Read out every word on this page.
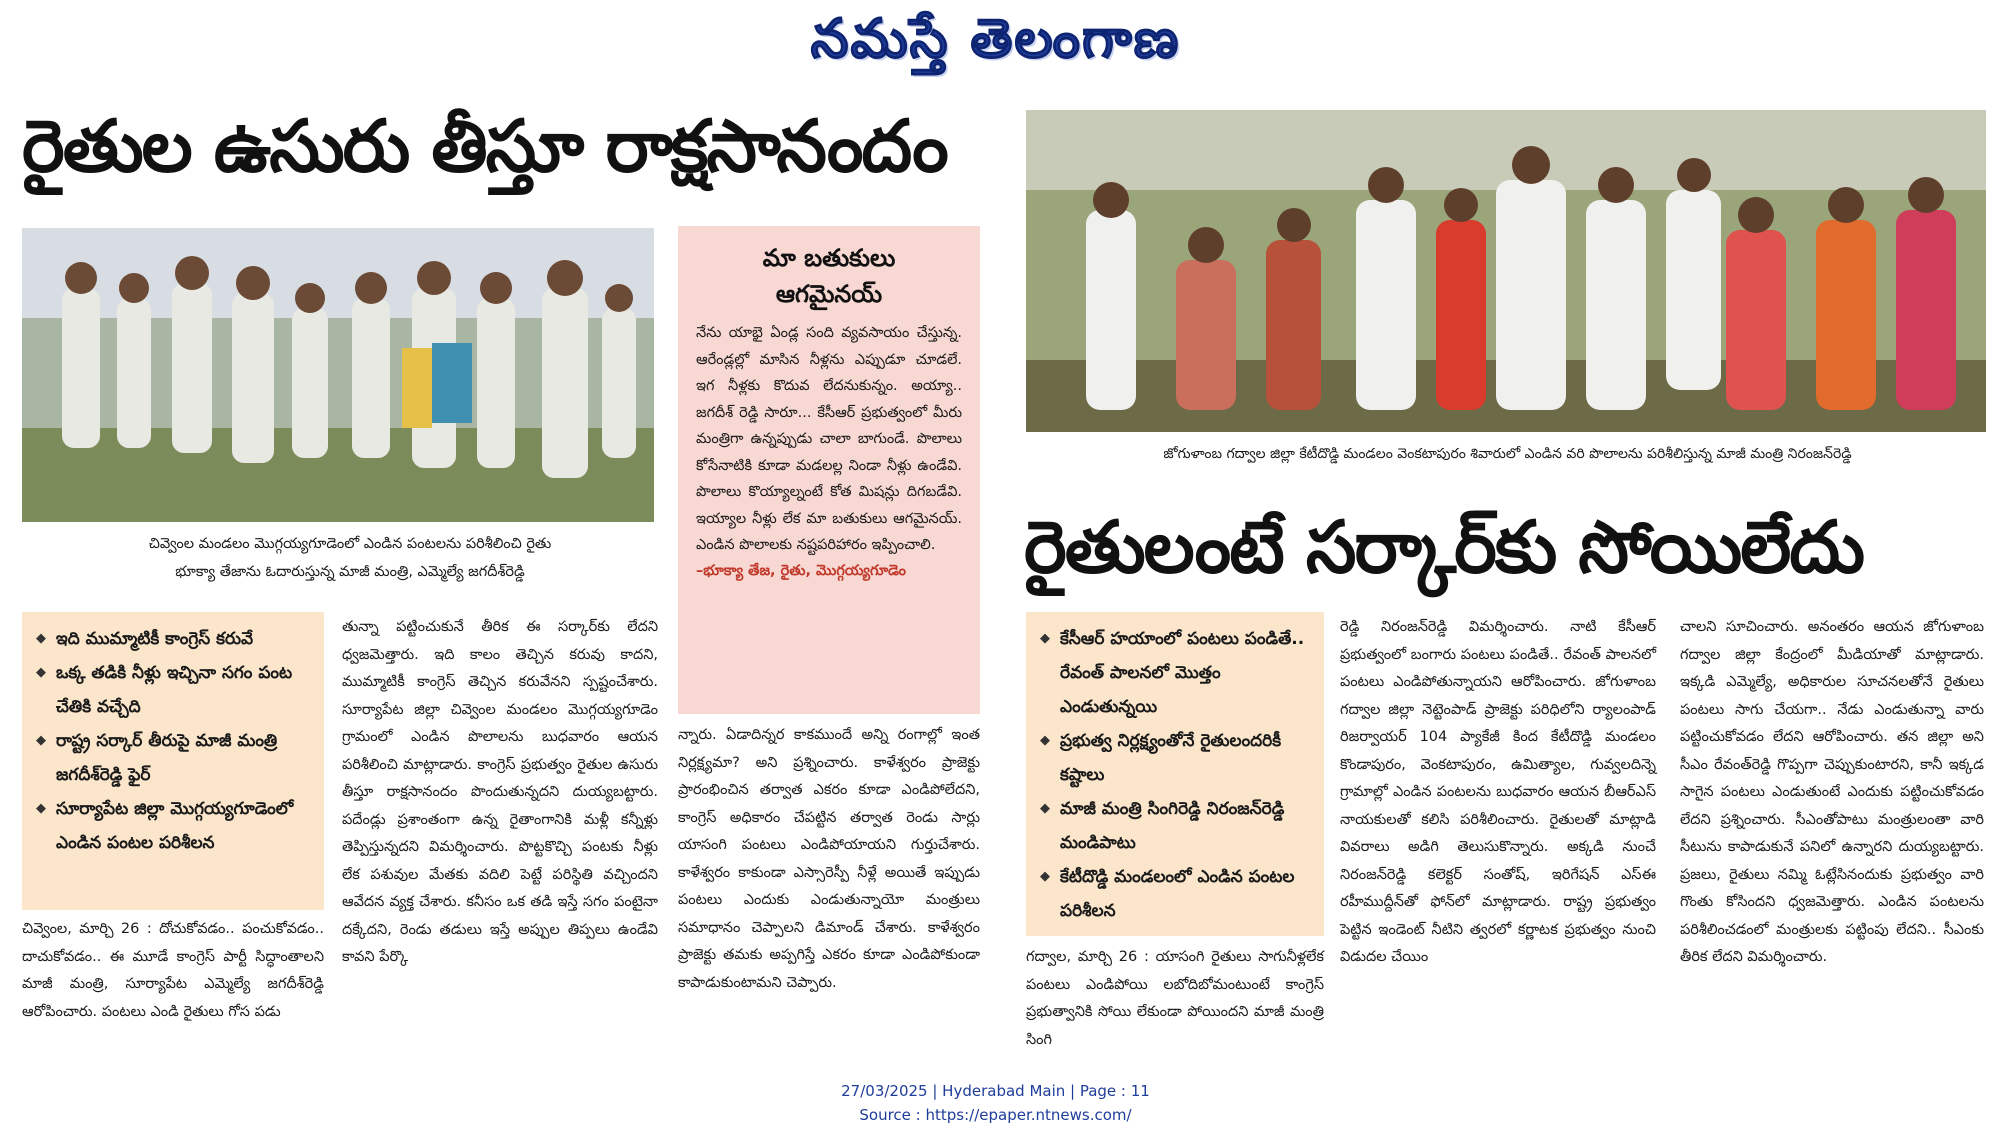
నమస్తే తెలంగాణ
రైతుల ఉసురు తీస్తూ రాక్షసానందం
చివ్వెంల మండలం మొగ్గయ్యగూడెంలో ఎండిన పంటలను పరిశీలించి రైతు
భూక్యా తేజాను ఓదారుస్తున్న మాజీ మంత్రి, ఎమ్మెల్యే జగదీశ్‌రెడ్డి
మా బతుకులు
ఆగమైనయ్
నేను యాభై ఏండ్ల సంది వ్యవసాయం చేస్తున్న. ఆరేండ్లల్లో మాసిన నీళ్లను ఎప్పుడూ చూడలే. ఇగ నీళ్లకు కొదువ లేదనుకున్నం. అయ్యా.. జగదీశ్ రెడ్డి సారూ... కేసీఆర్ ప్రభుత్వంలో మీరు మంత్రిగా ఉన్నప్పుడు చాలా బాగుండే. పొలాలు కోసేనాటికి కూడా మడలల్ల నిండా నీళ్లు ఉండేవి. పొలాలు కొయ్యాల్నంటే కోత మిషన్లు దిగబడేవి. ఇయ్యాల నీళ్లు లేక మా బతుకులు ఆగమైనయ్. ఎండిన పొలాలకు నష్టపరిహారం ఇప్పించాలి.
–భూక్యా తేజ, రైతు, మొగ్గయ్యగూడెం
◆ ఇది ముమ్మాటికీ కాంగ్రెస్ కరువే
◆ ఒక్క తడికి నీళ్లు ఇచ్చినా సగం పంట చేతికి వచ్చేది
◆ రాష్ట్ర సర్కార్ తీరుపై మాజీ మంత్రి జగదీశ్‌రెడ్డి ఫైర్
◆ సూర్యాపేట జిల్లా మొగ్గయ్యగూడెంలో ఎండిన పంటల పరిశీలన
చివ్వెంల, మార్చి 26 : దోచుకోవడం.. పంచుకోవడం.. దాచుకోవడం.. ఈ మూడే కాంగ్రెస్ పార్టీ సిద్ధాంతాలని మాజీ మంత్రి, సూర్యాపేట ఎమ్మెల్యే జగదీశ్‌రెడ్డి ఆరోపించారు. పంటలు ఎండి రైతులు గోస పడు
తున్నా పట్టించుకునే తీరిక ఈ సర్కార్‌కు లేదని ధ్వజమెత్తారు. ఇది కాలం తెచ్చిన కరువు కాదని, ముమ్మాటికీ కాంగ్రెస్ తెచ్చిన కరువేనని స్పష్టంచేశారు. సూర్యాపేట జిల్లా చివ్వెంల మండలం మొగ్గయ్యగూడెం గ్రామంలో ఎండిన పొలాలను బుధవారం ఆయన పరిశీలించి మాట్లాడారు. కాంగ్రెస్ ప్రభుత్వం రైతుల ఉసురు తీస్తూ రాక్షసానందం పొందుతున్నదని దుయ్యబట్టారు. పదేండ్లు ప్రశాంతంగా ఉన్న రైతాంగానికి మళ్లీ కన్నీళ్లు తెప్పిస్తున్నదని విమర్శించారు. పొట్టకొచ్చి పంటకు నీళ్లు లేక పశువుల మేతకు వదిలి పెట్టే పరిస్థితి వచ్చిందని ఆవేదన వ్యక్త చేశారు. కనీసం ఒక తడి ఇస్తే సగం పంటైనా దక్కేదని, రెండు తడులు ఇస్తే అప్పుల తిప్పలు ఉండేవి కావని పేర్కొ
న్నారు. ఏడాదిన్నర కాకముందే అన్ని రంగాల్లో ఇంత నిర్లక్ష్యమా? అని ప్రశ్నించారు. కాళేశ్వరం ప్రాజెక్టు ప్రారంభించిన తర్వాత ఎకరం కూడా ఎండిపోలేదని, కాంగ్రెస్ అధికారం చేపట్టిన తర్వాత రెండు సార్లు యాసంగి పంటలు ఎండిపోయాయని గుర్తుచేశారు. కాళేశ్వరం కాకుండా ఎస్సారెస్పీ నీళ్లే అయితే ఇప్పుడు పంటలు ఎందుకు ఎండుతున్నాయో మంత్రులు సమాధానం చెప్పాలని డిమాండ్ చేశారు. కాళేశ్వరం ప్రాజెక్టు తమకు అప్పగిస్తే ఎకరం కూడా ఎండిపోకుండా కాపాడుకుంటామని చెప్పారు.
జోగుళాంబ గద్వాల జిల్లా కేటీదొడ్డి మండలం వెంకటాపురం శివారులో ఎండిన వరి పొలాలను పరిశీలిస్తున్న మాజీ మంత్రి నిరంజన్‌రెడ్డి
రైతులంటే సర్కార్‌కు సోయిలేదు
◆ కేసీఆర్ హయాంలో పంటలు పండితే.. రేవంత్ పాలనలో మొత్తం ఎండుతున్నయి
◆ ప్రభుత్వ నిర్లక్ష్యంతోనే రైతులందరికీ కష్టాలు
◆ మాజీ మంత్రి సింగిరెడ్డి నిరంజన్‌రెడ్డి మండిపాటు
◆ కేటీదొడ్డి మండలంలో ఎండిన పంటల పరిశీలన
గద్వాల, మార్చి 26 : యాసంగి రైతులు సాగునీళ్లలేక పంటలు ఎండిపోయి లబోదిబోమంటుంటే కాంగ్రెస్ ప్రభుత్వానికి సోయి లేకుండా పోయిందని మాజీ మంత్రి సింగి
రెడ్డి నిరంజన్‌రెడ్డి విమర్శించారు. నాటి కేసీఆర్ ప్రభుత్వంలో బంగారు పంటలు పండితే.. రేవంత్ పాలనలో పంటలు ఎండిపోతున్నాయని ఆరోపించారు. జోగుళాంబ గద్వాల జిల్లా నెట్టెంపాడ్ ప్రాజెక్టు పరిధిలోని ర్యాలంపాడ్ రిజర్వాయర్ 104 ప్యాకేజీ కింద కేటీదొడ్డి మండలం కొండాపురం, వెంకటాపురం, ఉమిత్యాల, గువ్వలదిన్నె గ్రామాల్లో ఎండిన పంటలను బుధవారం ఆయన బీఆర్‌ఎస్ నాయకులతో కలిసి పరిశీలించారు. రైతులతో మాట్లాడి వివరాలు అడిగి తెలుసుకొన్నారు. అక్కడి నుంచే నిరంజన్‌రెడ్డి కలెక్టర్ సంతోష్, ఇరిగేషన్ ఎస్‌ఈ రహీముద్దీన్‌తో ఫోన్‌లో మాట్లాడారు. రాష్ట్ర ప్రభుత్వం పెట్టిన ఇండెంట్ నీటిని త్వరలో కర్ణాటక ప్రభుత్వం నుంచి విడుదల చేయిం
చాలని సూచించారు. అనంతరం ఆయన జోగుళాంబ గద్వాల జిల్లా కేంద్రంలో మీడియాతో మాట్లాడారు. ఇక్కడి ఎమ్మెల్యే, అధికారుల సూచనలతోనే రైతులు పంటలు సాగు చేయగా.. నేడు ఎండుతున్నా వారు పట్టించుకోవడం లేదని ఆరోపించారు. తన జిల్లా అని సీఎం రేవంత్‌రెడ్డి గొప్పగా చెప్పుకుంటారని, కానీ ఇక్కడ సాగైన పంటలు ఎండుతుంటే ఎందుకు పట్టించుకోవడం లేదని ప్రశ్నించారు. సీఎంతోపాటు మంత్రులంతా వారి సీటును కాపాడుకునే పనిలో ఉన్నారని దుయ్యబట్టారు. ప్రజలు, రైతులు నమ్మి ఓట్లేసినందుకు ప్రభుత్వం వారి గొంతు కోసిందని ధ్వజమెత్తారు. ఎండిన పంటలను పరిశీలించడంలో మంత్రులకు పట్టింపు లేదని.. సీఎంకు తీరిక లేదని విమర్శించారు.
27/03/2025 | Hyderabad Main | Page : 11
Source : https://epaper.ntnews.com/
